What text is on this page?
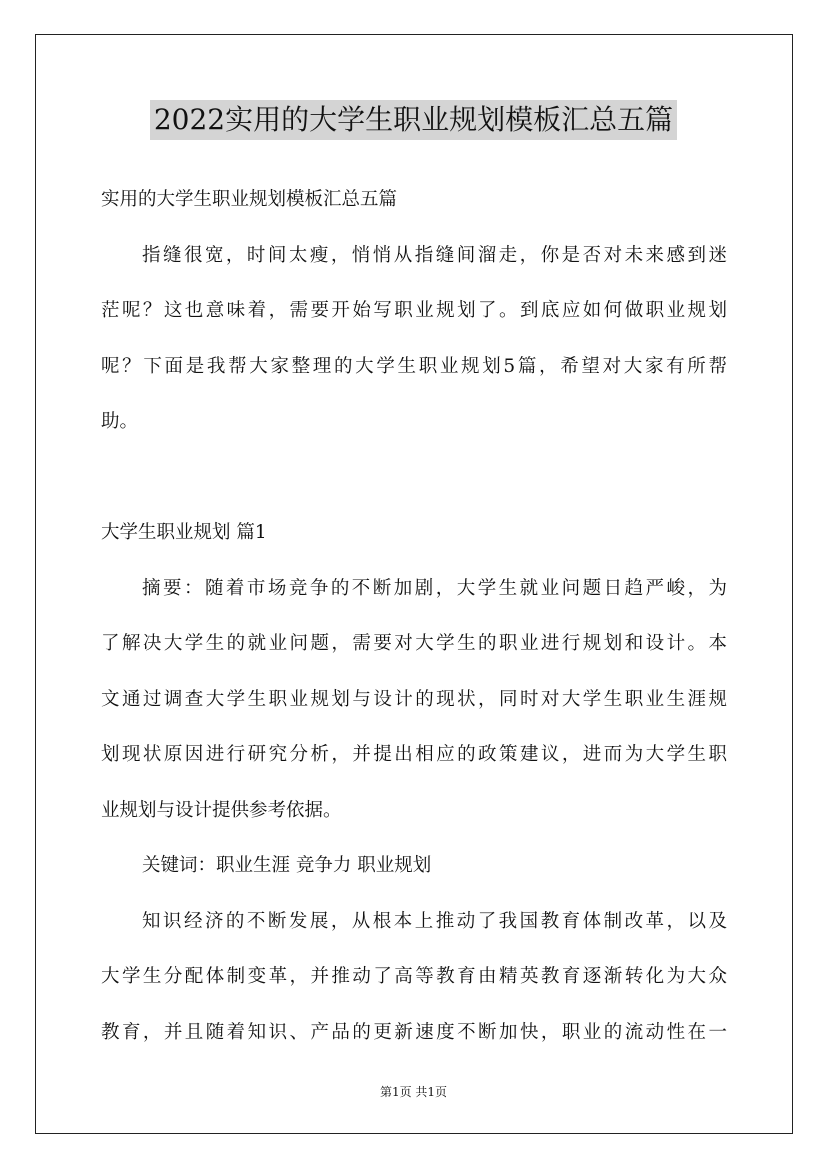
2022实用的大学生职业规划模板汇总五篇
实用的大学生职业规划模板汇总五篇
指缝很宽，时间太瘦，悄悄从指缝间溜走，你是否对未来感到迷
茫呢？这也意味着，需要开始写职业规划了。到底应如何做职业规划
呢？下面是我帮大家整理的大学生职业规划5篇，希望对大家有所帮
助。
大学生职业规划 篇1
摘要：随着市场竞争的不断加剧，大学生就业问题日趋严峻，为
了解决大学生的就业问题，需要对大学生的职业进行规划和设计。本
文通过调查大学生职业规划与设计的现状，同时对大学生职业生涯规
划现状原因进行研究分析，并提出相应的政策建议，进而为大学生职
业规划与设计提供参考依据。
关键词：职业生涯 竞争力 职业规划
知识经济的不断发展，从根本上推动了我国教育体制改革，以及
大学生分配体制变革，并推动了高等教育由精英教育逐渐转化为大众
教育，并且随着知识、产品的更新速度不断加快，职业的流动性在一
第1页 共1页
